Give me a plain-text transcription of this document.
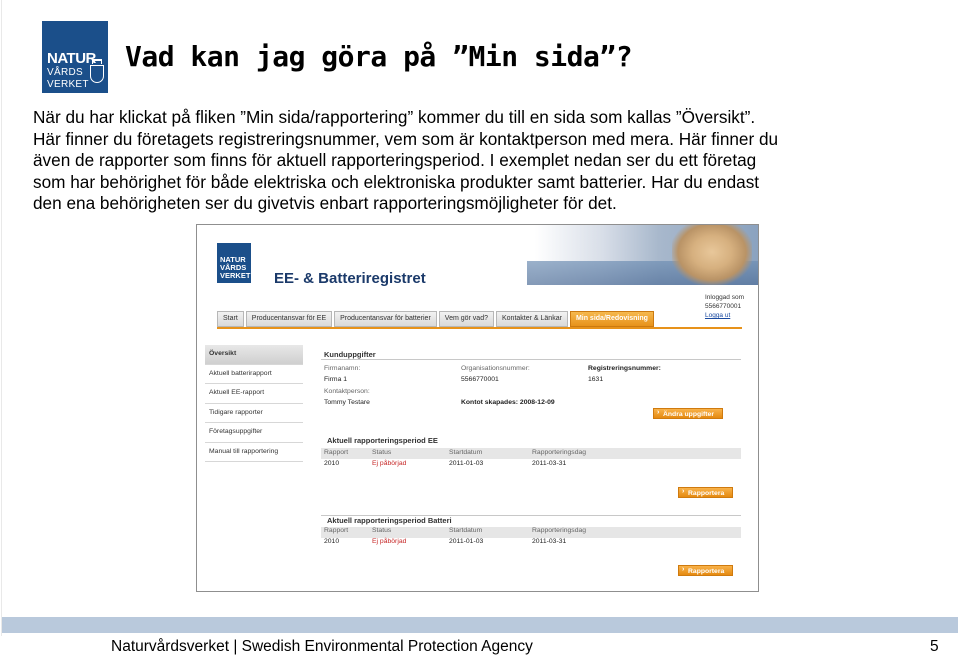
NATUR
VÅRDS
VERKET
Vad kan jag göra på ”Min sida”?

När du har klickat på fliken ”Min sida/rapportering” kommer du till en sida som kallas ”Översikt”.

Här finner du företagets registreringsnummer, vem som är kontaktperson med mera. Här finner du

även de rapporter som finns för aktuell rapporteringsperiod. I exemplet nedan ser du ett företag

som har behörighet för både elektriska och elektroniska produkter samt batterier. Har du endast

den ena behörigheten ser du givetvis enbart rapporteringsmöjligheter för det.

NATUR VÅRDS VERKET EE- & Batteriregistret
Inloggad som
5566770001
Logga ut
Start	Producentansvar för EE	Producentansvar för batterier	Vem gör vad?	Kontakter & Länkar	Min sida/Redovisning
Översikt
Aktuell batterirapport
Aktuell EE-rapport
Tidigare rapporter
Företagsuppgifter
Manual till rapportering
Kunduppgifter
Firmanamn:
Firma 1
Kontaktperson:
Tommy Testare
Organisationsnummer:
5566770001
Registreringsnummer:
1631
Kontot skapades: 2008-12-09
› Ändra uppgifter
Aktuell rapporteringsperiod EE
Rapport	Status	Startdatum	Rapporteringsdag
2010	Ej påbörjad	2011-01-03	2011-03-31
› Rapportera
Aktuell rapporteringsperiod Batteri
Rapport	Status	Startdatum	Rapporteringsdag
2010	Ej påbörjad	2011-01-03	2011-03-31
› Rapportera
Naturvårdsverket | Swedish Environmental Protection Agency	5
